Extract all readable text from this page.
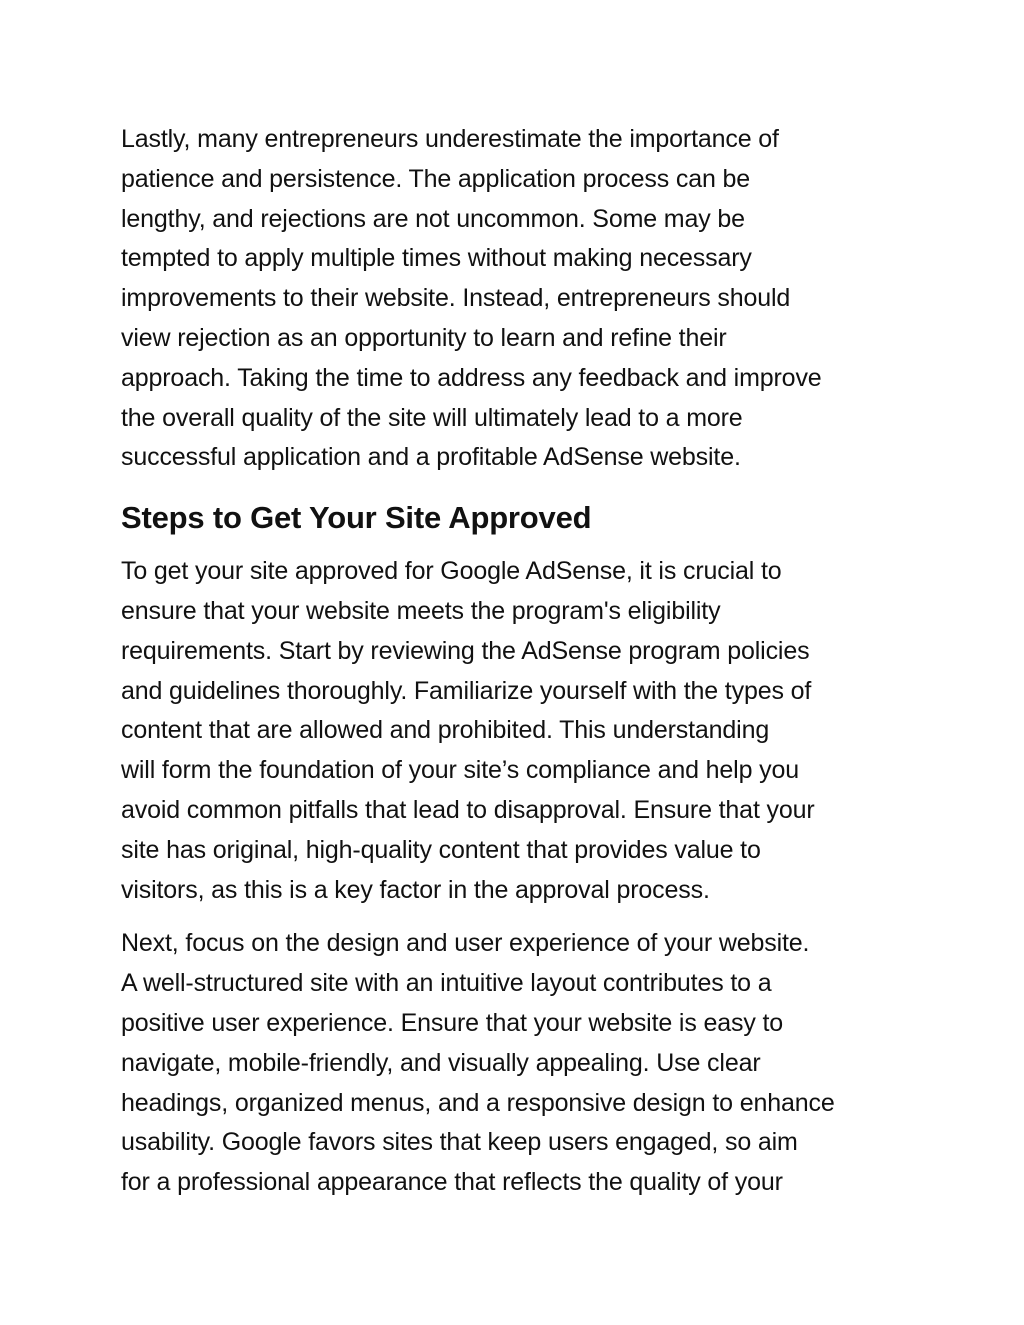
Lastly, many entrepreneurs underestimate the importance of
patience and persistence. The application process can be
lengthy, and rejections are not uncommon. Some may be
tempted to apply multiple times without making necessary
improvements to their website. Instead, entrepreneurs should
view rejection as an opportunity to learn and refine their
approach. Taking the time to address any feedback and improve
the overall quality of the site will ultimately lead to a more
successful application and a profitable AdSense website.

Steps to Get Your Site Approved

To get your site approved for Google AdSense, it is crucial to
ensure that your website meets the program's eligibility
requirements. Start by reviewing the AdSense program policies
and guidelines thoroughly. Familiarize yourself with the types of
content that are allowed and prohibited. This understanding
will form the foundation of your site’s compliance and help you
avoid common pitfalls that lead to disapproval. Ensure that your
site has original, high-quality content that provides value to
visitors, as this is a key factor in the approval process.

Next, focus on the design and user experience of your website.
A well-structured site with an intuitive layout contributes to a
positive user experience. Ensure that your website is easy to
navigate, mobile-friendly, and visually appealing. Use clear
headings, organized menus, and a responsive design to enhance
usability. Google favors sites that keep users engaged, so aim
for a professional appearance that reflects the quality of your
